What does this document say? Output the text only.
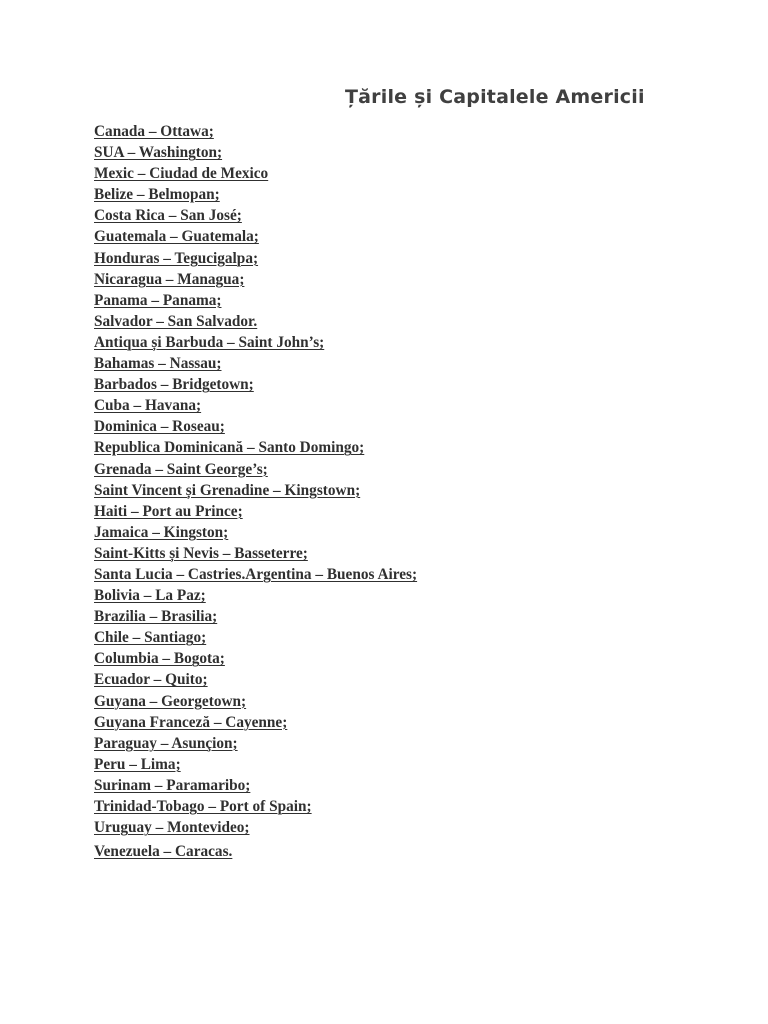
Țările și Capitalele Americii
Canada – Ottawa;
SUA – Washington;
Mexic – Ciudad de Mexico
Belize – Belmopan;
Costa Rica – San José;
Guatemala – Guatemala;
Honduras – Tegucigalpa;
Nicaragua – Managua;
Panama – Panama;
Salvador – San Salvador.
Antiqua și Barbuda – Saint John’s;
Bahamas – Nassau;
Barbados – Bridgetown;
Cuba – Havana;
Dominica – Roseau;
Republica Dominicană – Santo Domingo;
Grenada – Saint George’s;
Saint Vincent și Grenadine – Kingstown;
Haiti – Port au Prince;
Jamaica – Kingston;
Saint-Kitts și Nevis – Basseterre;
Santa Lucia – Castries.Argentina – Buenos Aires;
Bolivia – La Paz;
Brazilia – Brasilia;
Chile – Santiago;
Columbia – Bogota;
Ecuador – Quito;
Guyana – Georgetown;
Guyana Franceză – Cayenne;
Paraguay – Asunçion;
Peru – Lima;
Surinam – Paramaribo;
Trinidad-Tobago – Port of Spain;
Uruguay – Montevideo;
Venezuela – Caracas.
